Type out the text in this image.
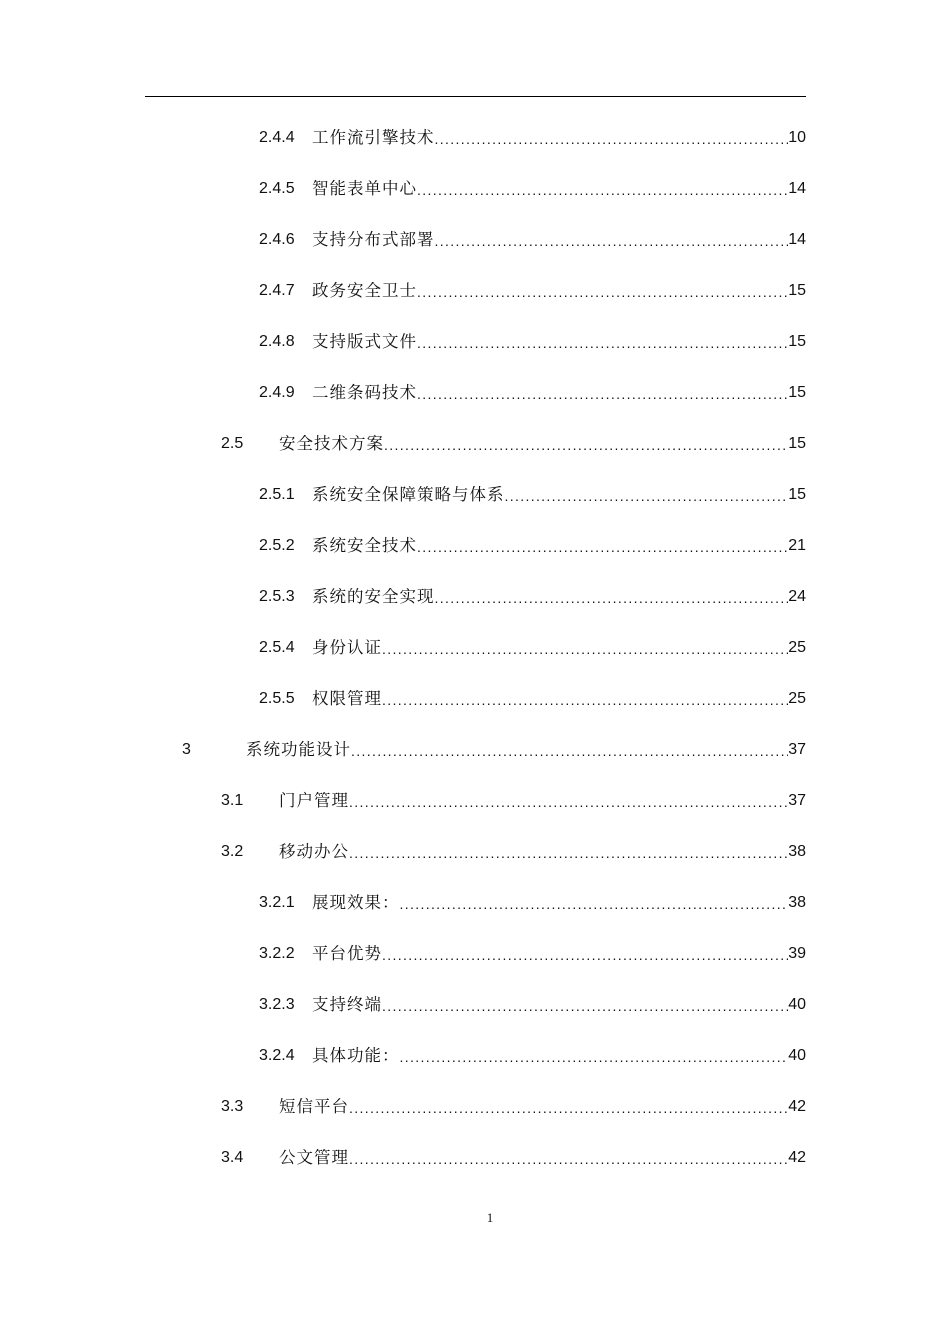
2.4.4	工作流引擎技术 .....	10
2.4.5	智能表单中心 .....	14
2.4.6	支持分布式部署 .....	14
2.4.7	政务安全卫士 .....	15
2.4.8	支持版式文件 .....	15
2.4.9	二维条码技术 .....	15
2.5	安全技术方案 .....	15
2.5.1	系统安全保障策略与体系 .....	15
2.5.2	系统安全技术 .....	21
2.5.3	系统的安全实现 .....	24
2.5.4	身份认证 .....	25
2.5.5	权限管理 .....	25
3	系统功能设计 .....	37
3.1	门户管理 .....	37
3.2	移动办公 .....	38
3.2.1	展现效果： .....	38
3.2.2	平台优势 .....	39
3.2.3	支持终端 .....	40
3.2.4	具体功能： .....	40
3.3	短信平台 .....	42
3.4	公文管理 .....	42
1
